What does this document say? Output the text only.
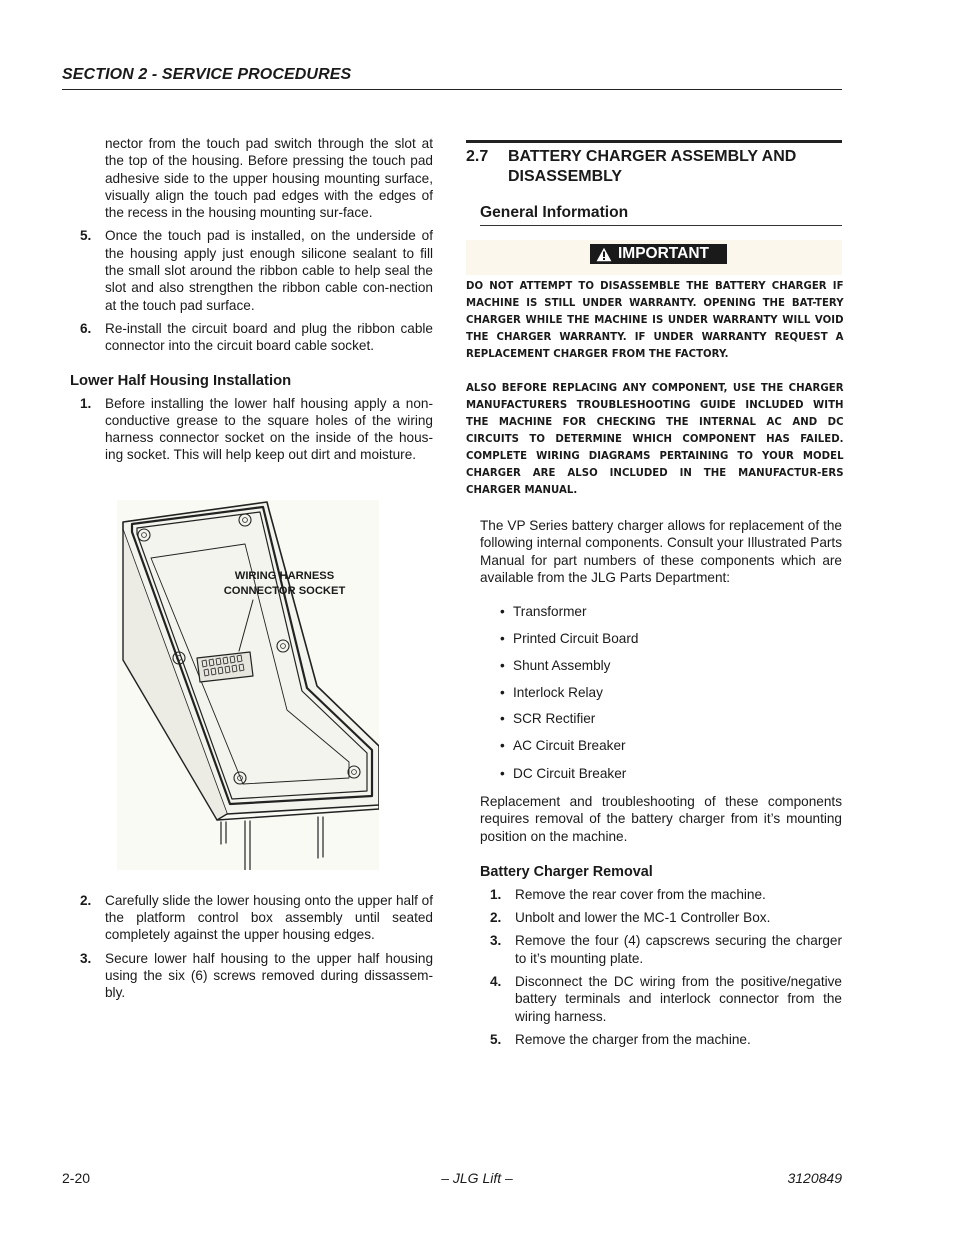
SECTION 2 - SERVICE PROCEDURES

nector from the touch pad switch through the slot at the top of the housing. Before pressing the touch pad adhesive side to the upper housing mounting surface, visually align the touch pad edges with the edges of the recess in the housing mounting sur-face.

5. Once the touch pad is installed, on the underside of the housing apply just enough silicone sealant to fill the small slot around the ribbon cable to help seal the slot and also strengthen the ribbon cable con-nection at the touch pad surface.
6. Re-install the circuit board and plug the ribbon cable connector into the circuit board cable socket.

Lower Half Housing Installation

1. Before installing the lower half housing apply a non-conductive grease to the square holes of the wiring harness connector socket on the inside of the hous-ing socket. This will help keep out dirt and moisture.
WIRING HARNESS
CONNECTOR SOCKET
2. Carefully slide the lower housing onto the upper half of the platform control box assembly until seated completely against the upper housing edges.
3. Secure lower half housing to the upper half housing using the six (6) screws removed during dissassem-bly.
2.7	BATTERY CHARGER ASSEMBLY AND DISASSEMBLY
General Information
IMPORTANT

DO NOT ATTEMPT TO DISASSEMBLE THE BATTERY CHARGER IF MACHINE IS STILL UNDER WARRANTY. OPENING THE BAT-TERY CHARGER WHILE THE MACHINE IS UNDER WARRANTY WILL VOID THE CHARGER WARRANTY. IF UNDER WARRANTY REQUEST A REPLACEMENT CHARGER FROM THE FACTORY.

ALSO BEFORE REPLACING ANY COMPONENT, USE THE CHARGER MANUFACTURERS TROUBLESHOOTING GUIDE INCLUDED WITH THE MACHINE FOR CHECKING THE INTERNAL AC AND DC CIRCUITS TO DETERMINE WHICH COMPONENT HAS FAILED. COMPLETE WIRING DIAGRAMS PERTAINING TO YOUR MODEL CHARGER ARE ALSO INCLUDED IN THE MANUFACTUR-ERS CHARGER MANUAL.

The VP Series battery charger allows for replacement of the following internal components. Consult your Illustrated Parts Manual for part numbers of these components which are available from the JLG Parts Department:

• Transformer
• Printed Circuit Board
• Shunt Assembly
• Interlock Relay
• SCR Rectifier
• AC Circuit Breaker
• DC Circuit Breaker

Replacement and troubleshooting of these components requires removal of the battery charger from it’s mounting position on the machine.

Battery Charger Removal

1. Remove the rear cover from the machine.
2. Unbolt and lower the MC-1 Controller Box.
3. Remove the four (4) capscrews securing the charger to it’s mounting plate.
4. Disconnect the DC wiring from the positive/negative battery terminals and interlock connector from the wiring harness.
5. Remove the charger from the machine.
2-20	– JLG Lift –	3120849
